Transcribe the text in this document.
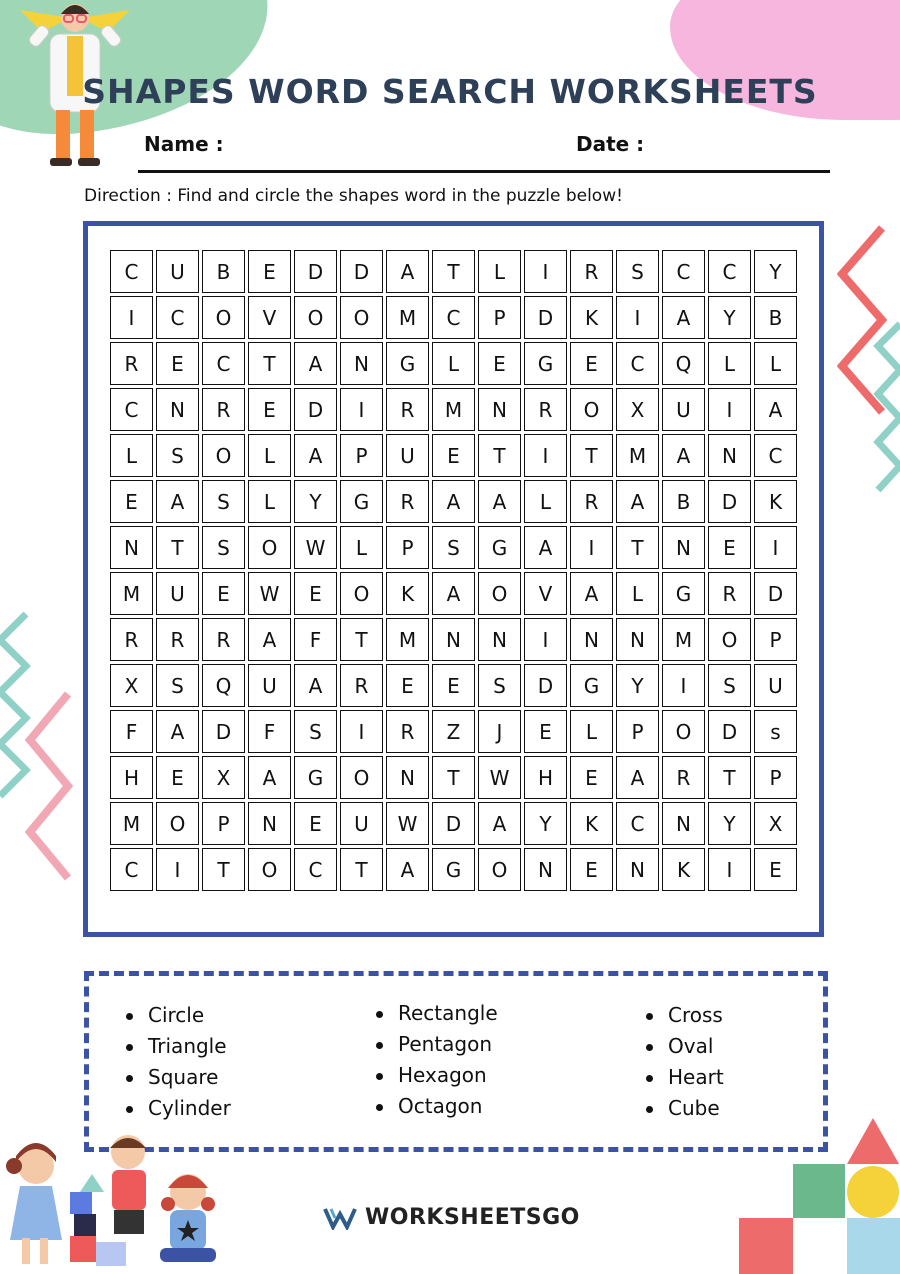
SHAPES WORD SEARCH WORKSHEETS
Name :	Date :
Direction : Find and circle the shapes word in the puzzle below!
C	U	B	E	D	D	A	T	L	I	R	S	C	C	Y
I	C	O	V	O	O	M	C	P	D	K	I	A	Y	B
R	E	C	T	A	N	G	L	E	G	E	C	Q	L	L
C	N	R	E	D	I	R	M	N	R	O	X	U	I	A
L	S	O	L	A	P	U	E	T	I	T	M	A	N	C
E	A	S	L	Y	G	R	A	A	L	R	A	B	D	K
N	T	S	O	W	L	P	S	G	A	I	T	N	E	I
M	U	E	W	E	O	K	A	O	V	A	L	G	R	D
R	R	R	A	F	T	M	N	N	I	N	N	M	O	P
X	S	Q	U	A	R	E	E	S	D	G	Y	I	S	U
F	A	D	F	S	I	R	Z	J	E	L	P	O	D	s
H	E	X	A	G	O	N	T	W	H	E	A	R	T	P
M	O	P	N	E	U	W	D	A	Y	K	C	N	Y	X
C	I	T	O	C	T	A	G	O	N	E	N	K	I	E
Circle
Triangle
Square
Cylinder
Rectangle
Pentagon
Hexagon
Octagon
Cross
Oval
Heart
Cube
WORKSHEETSGO
